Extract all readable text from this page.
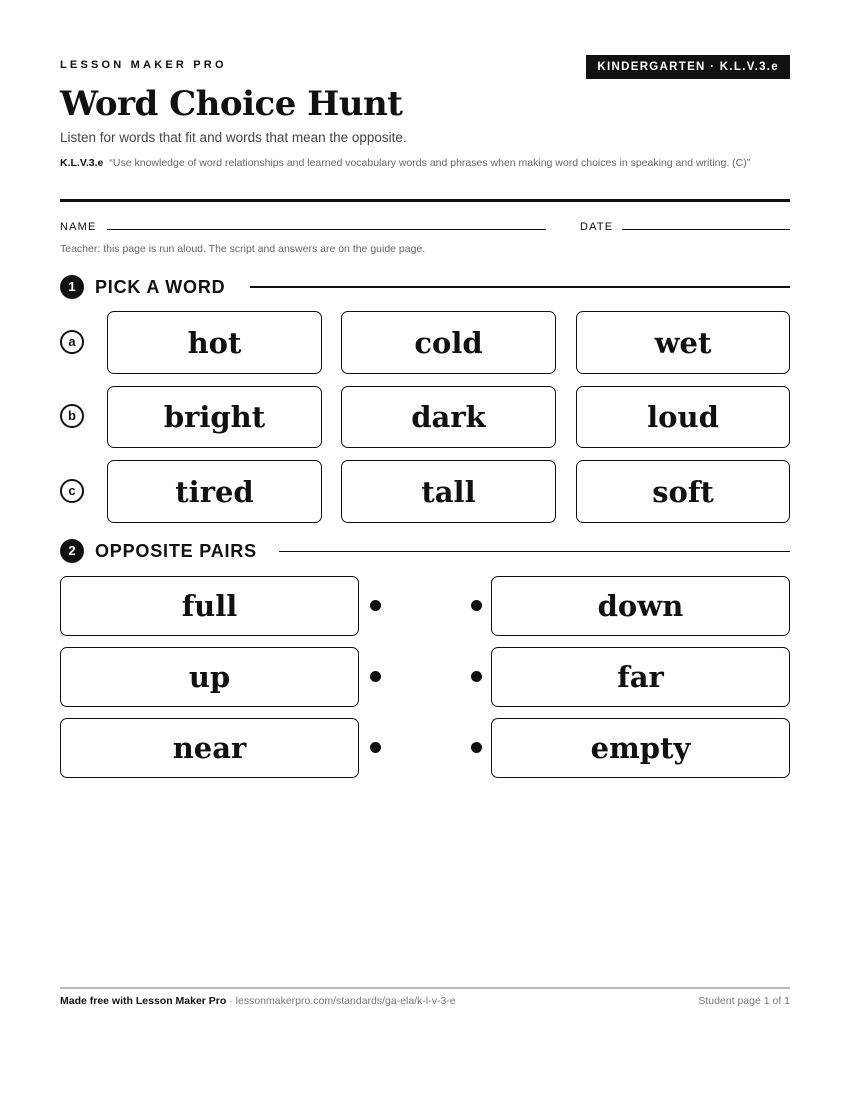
LESSON MAKER PRO	KINDERGARTEN · K.L.V.3.e
Word Choice Hunt
Listen for words that fit and words that mean the opposite.
K.L.V.3.e “Use knowledge of word relationships and learned vocabulary words and phrases when making word choices in speaking and writing. (C)”
NAME	DATE
Teacher: this page is run aloud. The script and answers are on the guide page.
1	PICK A WORD
a	hot	cold	wet
b	bright	dark	loud
c	tired	tall	soft
2	OPPOSITE PAIRS
full	down
up	far
near	empty
Made free with Lesson Maker Pro · lessonmakerpro.com/standards/ga-ela/k-l-v-3-e	Student page 1 of 1
